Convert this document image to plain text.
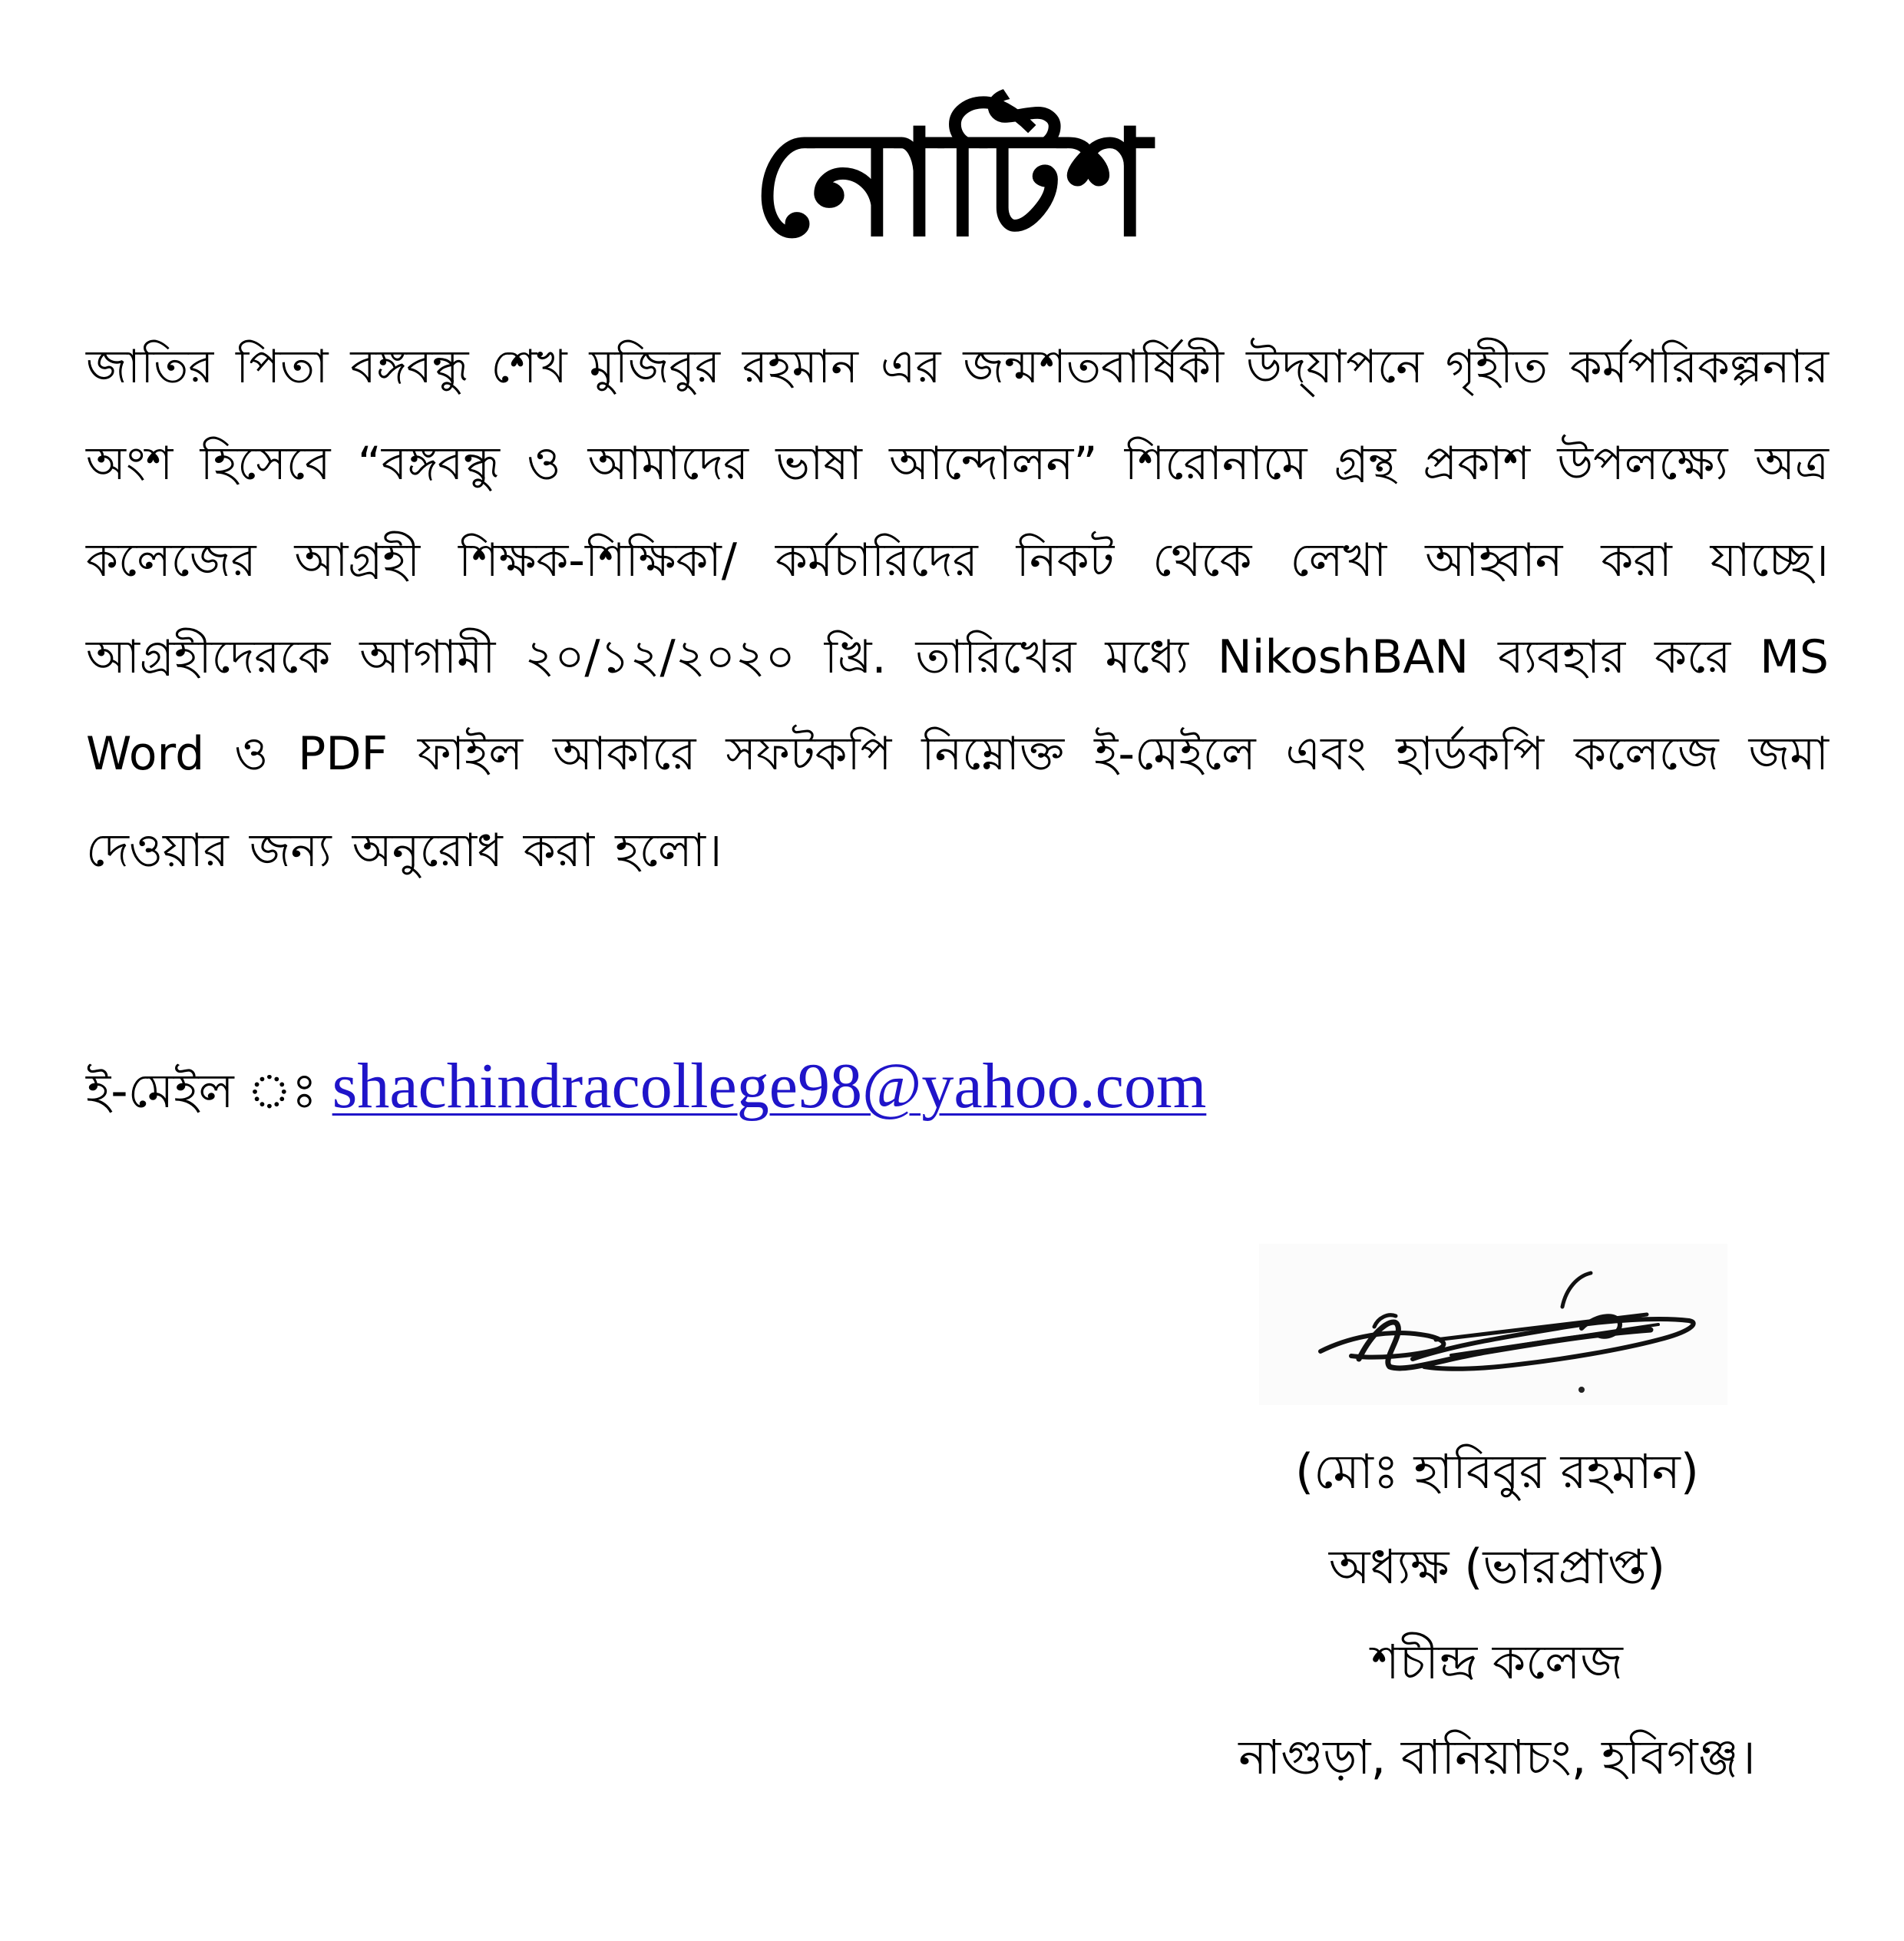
নোটিশ
জাতির পিতা বঙ্গবন্ধু শেখ মুজিবুর রহমান এর জন্মশতবার্ষিকী উদ্‌যাপনে গৃহীত কর্মপরিকল্পনার অংশ হিসেবে “বঙ্গবন্ধু ও আমাদের ভাষা আন্দোলন” শিরোনামে গ্রন্থ প্রকাশ উপলক্ষ্যে অত্র কলেজের আগ্রহী শিক্ষক-শিক্ষিকা/ কর্মচারিদের নিকট থেকে লেখা আহ্বান করা যাচ্ছে। আগ্রহীদেরকে আগামী ২০/১২/২০২০ খ্রি. তারিখের মধ্যে NikoshBAN ব্যবহার করে MS Word ও PDF ফাইল আকারে সফটকপি নিম্নোক্ত ই-মেইলে এবং হার্ডকপি কলেজে জমা দেওয়ার জন্য অনুরোধ করা হলো।
ই-মেইল ঃ shachindracollege98@yahoo.com
(মোঃ হাবিবুর রহমান)
অধ্যক্ষ (ভারপ্রাপ্ত)
শচীন্দ্র কলেজ
নাগুড়া, বানিয়াচং, হবিগঞ্জ।
